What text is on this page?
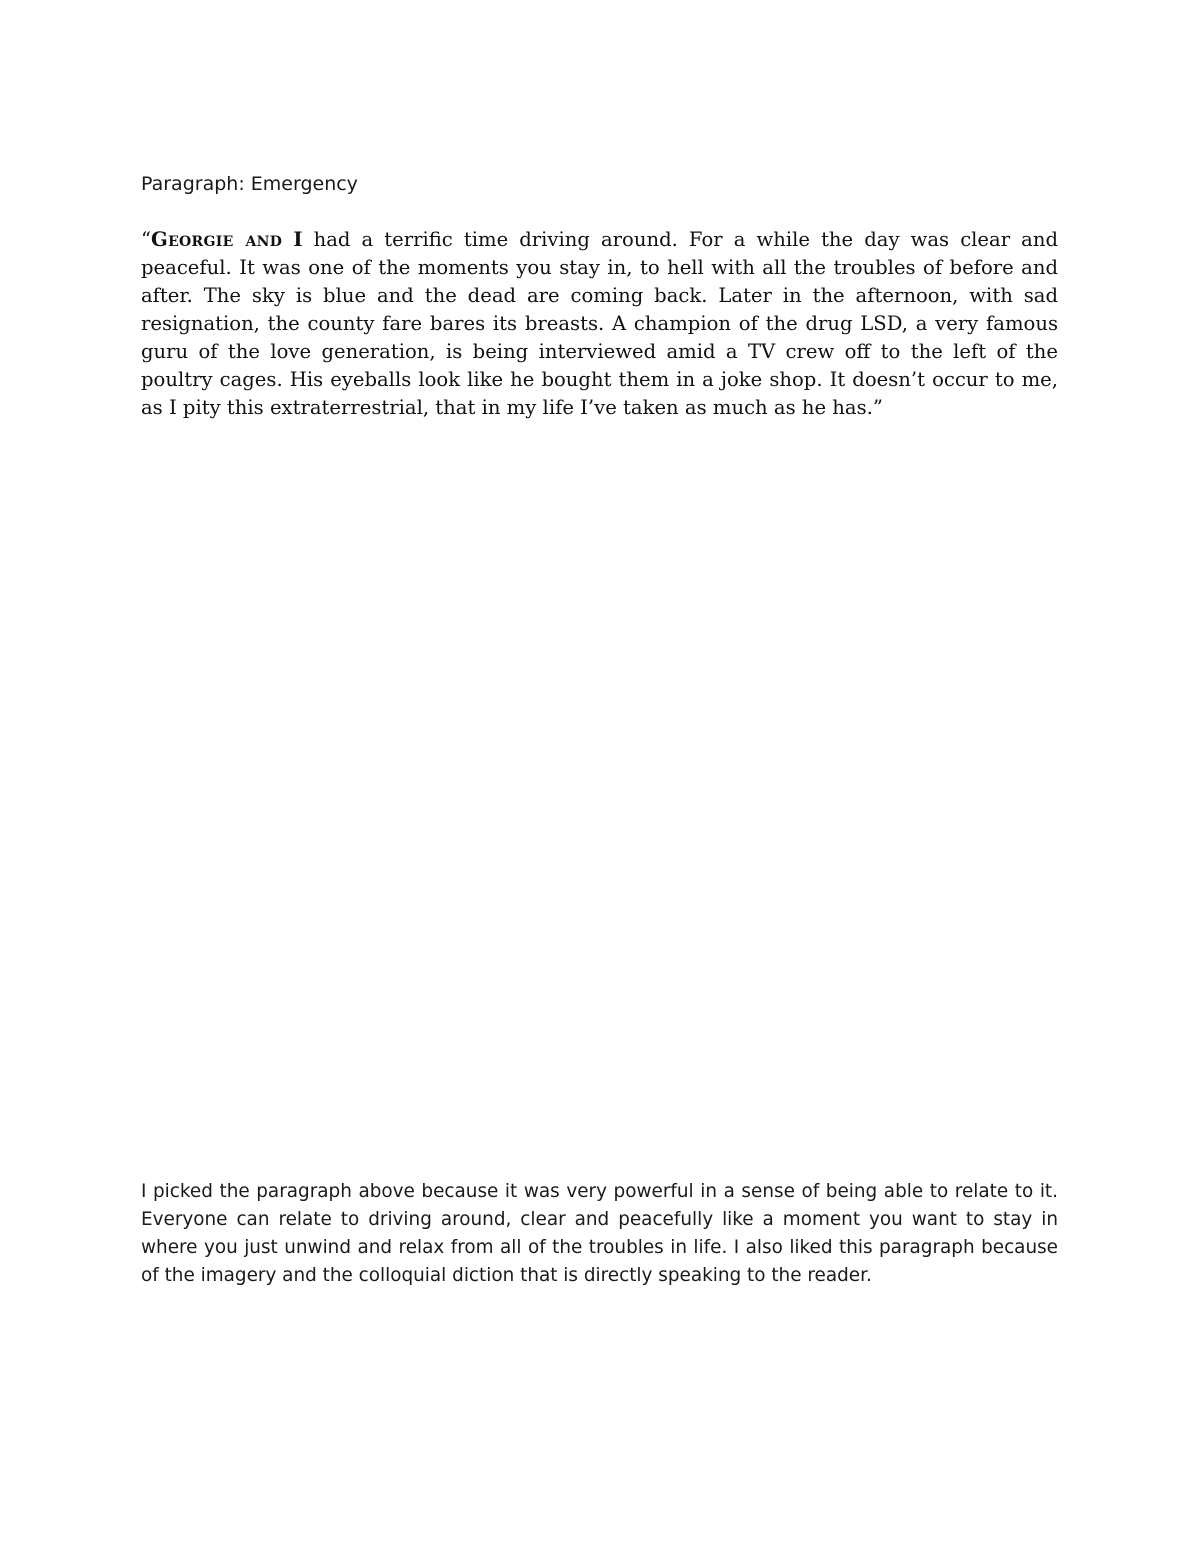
Paragraph: Emergency

“Georgie and I had a terrific time driving around. For a while the day was clear and peaceful. It was one of the moments you stay in, to hell with all the troubles of before and after. The sky is blue and the dead are coming back. Later in the afternoon, with sad resignation, the county fare bares its breasts. A champion of the drug LSD, a very famous guru of the love generation, is being interviewed amid a TV crew off to the left of the poultry cages. His eyeballs look like he bought them in a joke shop. It doesn’t occur to me, as I pity this extraterrestrial, that in my life I’ve taken as much as he has.”

I picked the paragraph above because it was very powerful in a sense of being able to relate to it. Everyone can relate to driving around, clear and peacefully like a moment you want to stay in where you just unwind and relax from all of the troubles in life. I also liked this paragraph because of the imagery and the colloquial diction that is directly speaking to the reader.
